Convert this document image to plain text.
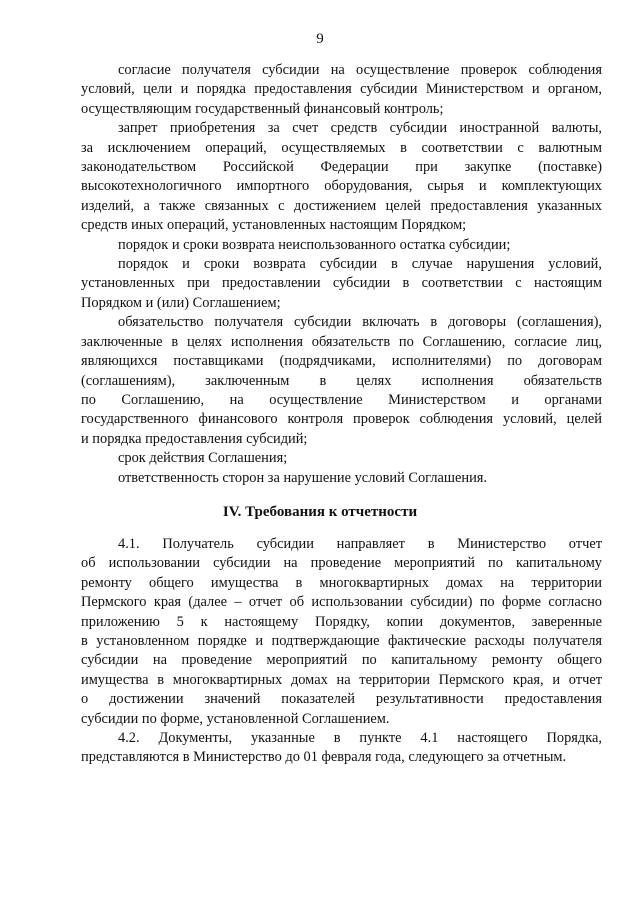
9

согласие получателя субсидии на осуществление проверок соблюдения
условий, цели и порядка предоставления субсидии Министерством и органом,
осуществляющим государственный финансовый контроль;

запрет приобретения за счет средств субсидии иностранной валюты,
за исключением операций, осуществляемых в соответствии с валютным
законодательством Российской Федерации при закупке (поставке)
высокотехнологичного импортного оборудования, сырья и комплектующих
изделий, а также связанных с достижением целей предоставления указанных
средств иных операций, установленных настоящим Порядком;

порядок и сроки возврата неиспользованного остатка субсидии;

порядок и сроки возврата субсидии в случае нарушения условий,
установленных при предоставлении субсидии в соответствии с настоящим
Порядком и (или) Соглашением;

обязательство получателя субсидии включать в договоры (соглашения),
заключенные в целях исполнения обязательств по Соглашению, согласие лиц,
являющихся поставщиками (подрядчиками, исполнителями) по договорам
(соглашениям), заключенным в целях исполнения обязательств
по Соглашению, на осуществление Министерством и органами
государственного финансового контроля проверок соблюдения условий, целей
и порядка предоставления субсидий;

срок действия Соглашения;

ответственность сторон за нарушение условий Соглашения.

IV. Требования к отчетности

4.1. Получатель субсидии направляет в Министерство отчет
об использовании субсидии на проведение мероприятий по капитальному
ремонту общего имущества в многоквартирных домах на территории
Пермского края (далее – отчет об использовании субсидии) по форме согласно
приложению 5 к настоящему Порядку, копии документов, заверенные
в установленном порядке и подтверждающие фактические расходы получателя
субсидии на проведение мероприятий по капитальному ремонту общего
имущества в многоквартирных домах на территории Пермского края, и отчет
о достижении значений показателей результативности предоставления
субсидии по форме, установленной Соглашением.

4.2. Документы, указанные в пункте 4.1 настоящего Порядка,
представляются в Министерство до 01 февраля года, следующего за отчетным.
